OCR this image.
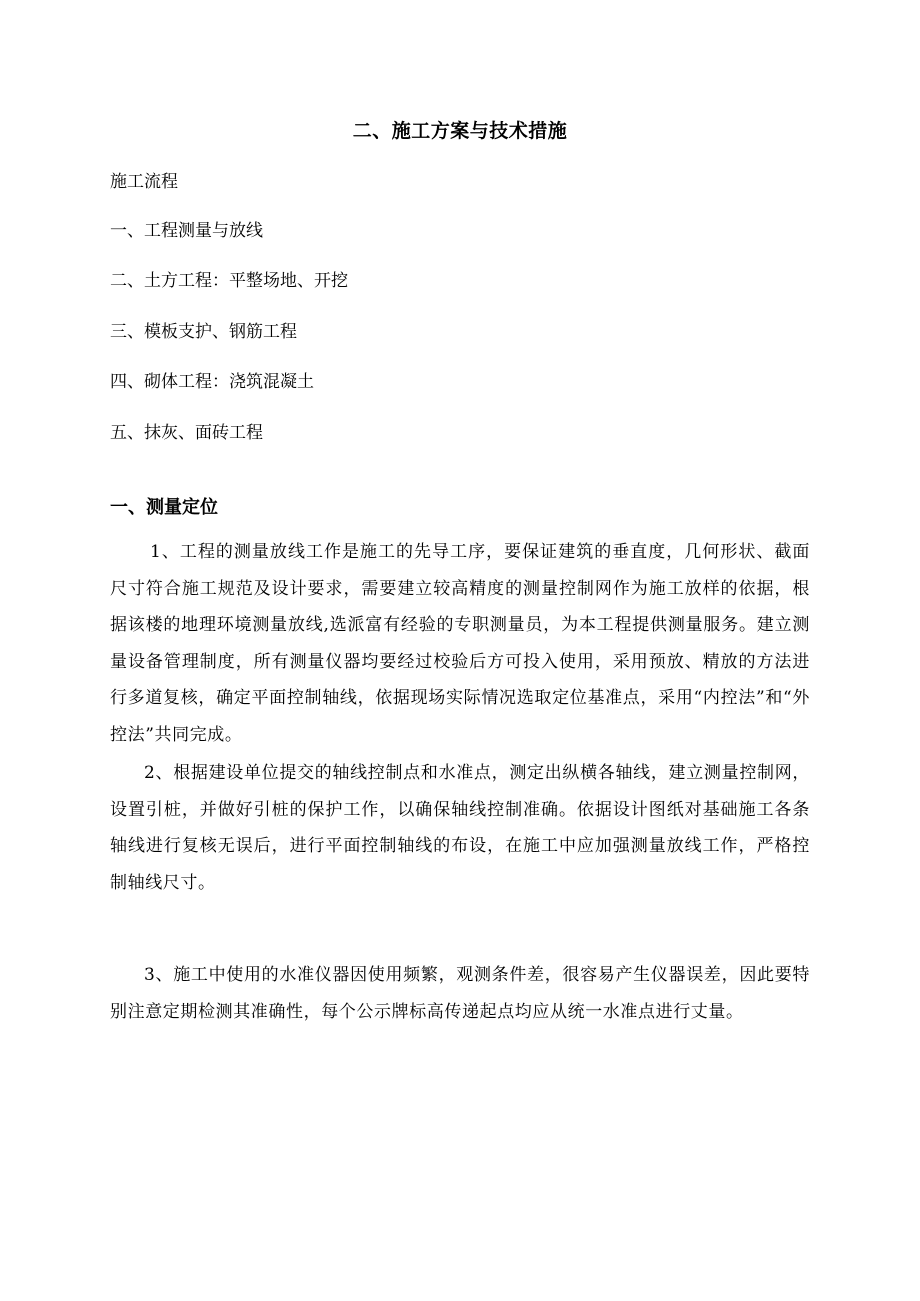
二、施工方案与技术措施
施工流程
一、工程测量与放线
二、土方工程：平整场地、开挖
三、模板支护、钢筋工程
四、砌体工程：浇筑混凝土
五、抹灰、面砖工程
一、测量定位
1、工程的测量放线工作是施工的先导工序，要保证建筑的垂直度，几何形状、截面尺寸符合施工规范及设计要求，需要建立较高精度的测量控制网作为施工放样的依据，根据该楼的地理环境测量放线,选派富有经验的专职测量员，为本工程提供测量服务。建立测量设备管理制度，所有测量仪器均要经过校验后方可投入使用，采用预放、精放的方法进行多道复核，确定平面控制轴线，依据现场实际情况选取定位基准点，采用“内控法”和“外控法”共同完成。
2、根据建设单位提交的轴线控制点和水准点，测定出纵横各轴线，建立测量控制网，设置引桩，并做好引桩的保护工作，以确保轴线控制准确。依据设计图纸对基础施工各条轴线进行复核无误后，进行平面控制轴线的布设，在施工中应加强测量放线工作，严格控制轴线尺寸。
3、施工中使用的水准仪器因使用频繁，观测条件差，很容易产生仪器误差，因此要特别注意定期检测其准确性，每个公示牌标高传递起点均应从统一水准点进行丈量。
